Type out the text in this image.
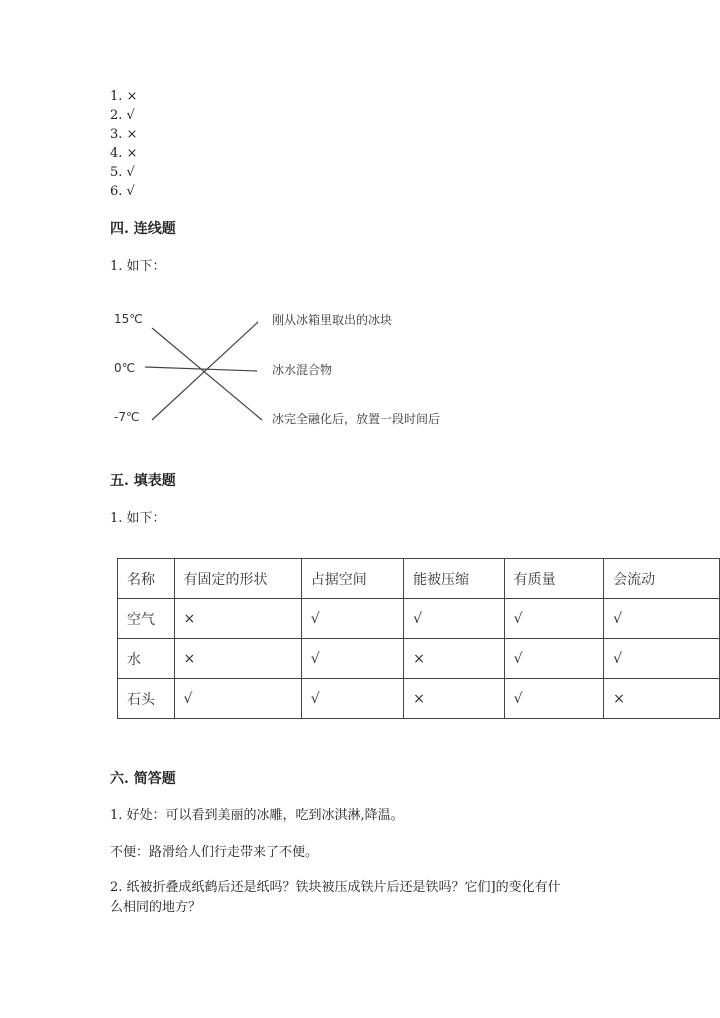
1. ×
2. √
3. ×
4. ×
5. √
6. √
四. 连线题
1. 如下：
15℃
0℃
-7℃
刚从冰箱里取出的冰块
冰水混合物
冰完全融化后，放置一段时间后
五. 填表题
1. 如下：
名称	有固定的形状	占据空间	能被压缩	有质量	会流动
空气	×	√	√	√	√
水	×	√	×	√	√
石头	√	√	×	√	×
六. 简答题
1. 好处：可以看到美丽的冰雕，吃到冰淇淋,降温。
不便：路滑给人们行走带来了不便。
2. 纸被折叠成纸鹤后还是纸吗？铁块被压成铁片后还是铁吗？它们]的变化有什
么相同的地方？
